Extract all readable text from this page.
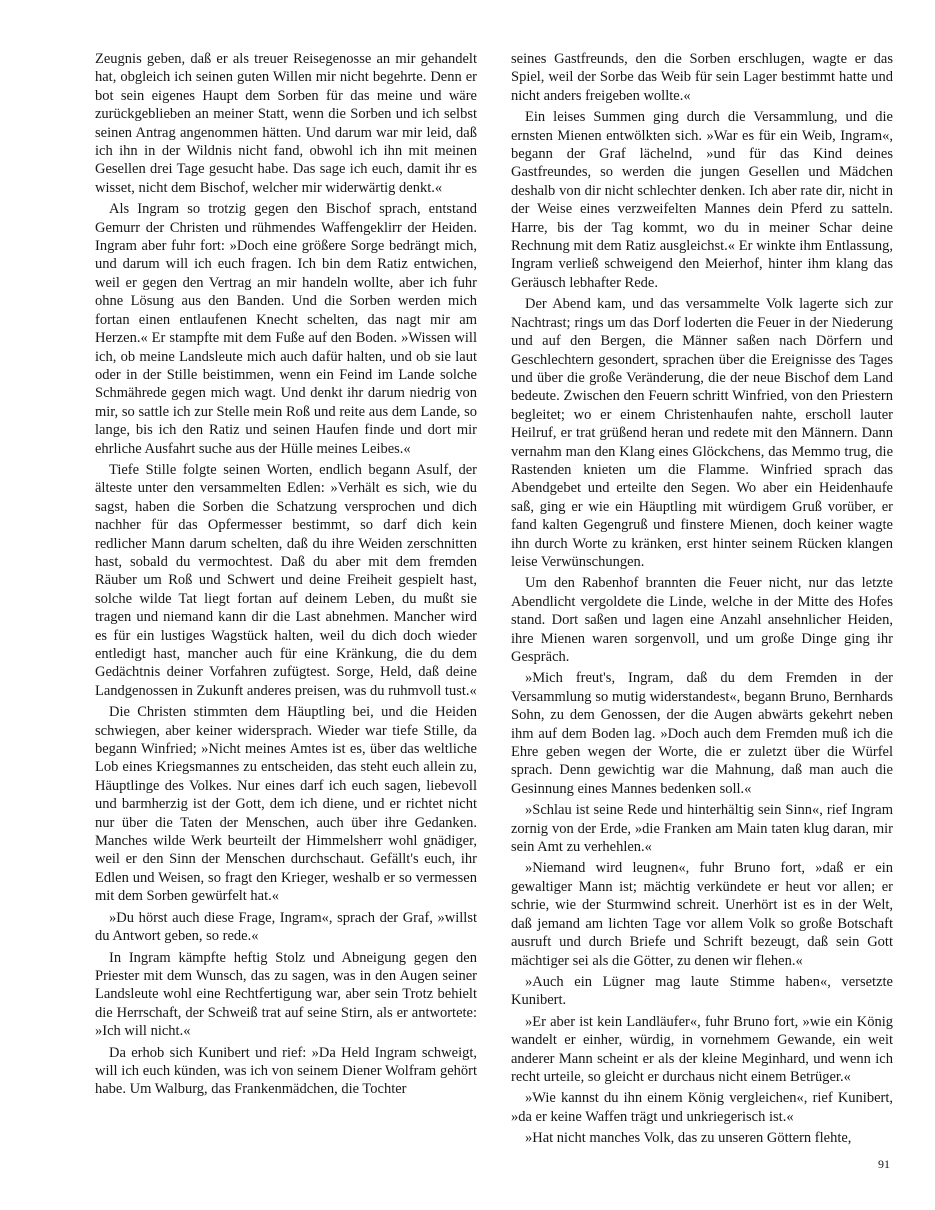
Zeugnis geben, daß er als treuer Reisegenosse an mir gehandelt hat, obgleich ich seinen guten Willen mir nicht begehrte. Denn er bot sein eigenes Haupt dem Sorben für das meine und wäre zurückgeblieben an meiner Statt, wenn die Sorben und ich selbst seinen Antrag angenommen hätten. Und darum war mir leid, daß ich ihn in der Wildnis nicht fand, obwohl ich ihn mit meinen Gesellen drei Tage gesucht habe. Das sage ich euch, damit ihr es wisset, nicht dem Bischof, welcher mir widerwärtig denkt.«

Als Ingram so trotzig gegen den Bischof sprach, entstand Gemurr der Christen und rühmendes Waffengeklirr der Heiden. Ingram aber fuhr fort: »Doch eine größere Sorge bedrängt mich, und darum will ich euch fragen. Ich bin dem Ratiz entwichen, weil er gegen den Vertrag an mir handeln wollte, aber ich fuhr ohne Lösung aus den Banden. Und die Sorben werden mich fortan einen entlaufenen Knecht schelten, das nagt mir am Herzen.« Er stampfte mit dem Fuße auf den Boden. »Wissen will ich, ob meine Landsleute mich auch dafür halten, und ob sie laut oder in der Stille beistimmen, wenn ein Feind im Lande solche Schmährede gegen mich wagt. Und denkt ihr darum niedrig von mir, so sattle ich zur Stelle mein Roß und reite aus dem Lande, so lange, bis ich den Ratiz und seinen Haufen finde und dort mir ehrliche Ausfahrt suche aus der Hülle meines Leibes.«

Tiefe Stille folgte seinen Worten, endlich begann Asulf, der älteste unter den versammelten Edlen: »Verhält es sich, wie du sagst, haben die Sorben die Schatzung versprochen und dich nachher für das Opfermesser bestimmt, so darf dich kein redlicher Mann darum schelten, daß du ihre Weiden zerschnitten hast, sobald du vermochtest. Daß du aber mit dem fremden Räuber um Roß und Schwert und deine Freiheit gespielt hast, solche wilde Tat liegt fortan auf deinem Leben, du mußt sie tragen und niemand kann dir die Last abnehmen. Mancher wird es für ein lustiges Wagstück halten, weil du dich doch wieder entledigt hast, mancher auch für eine Kränkung, die du dem Gedächtnis deiner Vorfahren zufügtest. Sorge, Held, daß deine Landgenossen in Zukunft anderes preisen, was du ruhmvoll tust.«

Die Christen stimmten dem Häuptling bei, und die Heiden schwiegen, aber keiner widersprach. Wieder war tiefe Stille, da begann Winfried; »Nicht meines Amtes ist es, über das weltliche Lob eines Kriegsmannes zu entscheiden, das steht euch allein zu, Häuptlinge des Volkes. Nur eines darf ich euch sagen, liebevoll und barmherzig ist der Gott, dem ich diene, und er richtet nicht nur über die Taten der Menschen, auch über ihre Gedanken. Manches wilde Werk beurteilt der Himmelsherr wohl gnädiger, weil er den Sinn der Menschen durchschaut. Gefällt's euch, ihr Edlen und Weisen, so fragt den Krieger, weshalb er so vermessen mit dem Sorben gewürfelt hat.«

»Du hörst auch diese Frage, Ingram«, sprach der Graf, »willst du Antwort geben, so rede.«

In Ingram kämpfte heftig Stolz und Abneigung gegen den Priester mit dem Wunsch, das zu sagen, was in den Augen seiner Landsleute wohl eine Rechtfertigung war, aber sein Trotz behielt die Herrschaft, der Schweiß trat auf seine Stirn, als er antwortete: »Ich will nicht.«

Da erhob sich Kunibert und rief: »Da Held Ingram schweigt, will ich euch künden, was ich von seinem Diener Wolfram gehört habe. Um Walburg, das Frankenmädchen, die Tochter

seines Gastfreunds, den die Sorben erschlugen, wagte er das Spiel, weil der Sorbe das Weib für sein Lager bestimmt hatte und nicht anders freigeben wollte.«

Ein leises Summen ging durch die Versammlung, und die ernsten Mienen entwölkten sich. »War es für ein Weib, Ingram«, begann der Graf lächelnd, »und für das Kind deines Gastfreundes, so werden die jungen Gesellen und Mädchen deshalb von dir nicht schlechter denken. Ich aber rate dir, nicht in der Weise eines verzweifelten Mannes dein Pferd zu satteln. Harre, bis der Tag kommt, wo du in meiner Schar deine Rechnung mit dem Ratiz ausgleichst.« Er winkte ihm Entlassung, Ingram verließ schweigend den Meierhof, hinter ihm klang das Geräusch lebhafter Rede.

Der Abend kam, und das versammelte Volk lagerte sich zur Nachtrast; rings um das Dorf loderten die Feuer in der Niederung und auf den Bergen, die Männer saßen nach Dörfern und Geschlechtern gesondert, sprachen über die Ereignisse des Tages und über die große Veränderung, die der neue Bischof dem Land bedeute. Zwischen den Feuern schritt Winfried, von den Priestern begleitet; wo er einem Christenhaufen nahte, erscholl lauter Heilruf, er trat grüßend heran und redete mit den Männern. Dann vernahm man den Klang eines Glöckchens, das Memmo trug, die Rastenden knieten um die Flamme. Winfried sprach das Abendgebet und erteilte den Segen. Wo aber ein Heidenhaufe saß, ging er wie ein Häuptling mit würdigem Gruß vorüber, er fand kalten Gegengruß und finstere Mienen, doch keiner wagte ihn durch Worte zu kränken, erst hinter seinem Rücken klangen leise Verwünschungen.

Um den Rabenhof brannten die Feuer nicht, nur das letzte Abendlicht vergoldete die Linde, welche in der Mitte des Hofes stand. Dort saßen und lagen eine Anzahl ansehnlicher Heiden, ihre Mienen waren sorgenvoll, und um große Dinge ging ihr Gespräch.

»Mich freut's, Ingram, daß du dem Fremden in der Versammlung so mutig widerstandest«, begann Bruno, Bernhards Sohn, zu dem Genossen, der die Augen abwärts gekehrt neben ihm auf dem Boden lag. »Doch auch dem Fremden muß ich die Ehre geben wegen der Worte, die er zuletzt über die Würfel sprach. Denn gewichtig war die Mahnung, daß man auch die Gesinnung eines Mannes bedenken soll.«

»Schlau ist seine Rede und hinterhältig sein Sinn«, rief Ingram zornig von der Erde, »die Franken am Main taten klug daran, mir sein Amt zu verhehlen.«

»Niemand wird leugnen«, fuhr Bruno fort, »daß er ein gewaltiger Mann ist; mächtig verkündete er heut vor allen; er schrie, wie der Sturmwind schreit. Unerhört ist es in der Welt, daß jemand am lichten Tage vor allem Volk so große Botschaft ausruft und durch Briefe und Schrift bezeugt, daß sein Gott mächtiger sei als die Götter, zu denen wir flehen.«

»Auch ein Lügner mag laute Stimme haben«, versetzte Kunibert.

»Er aber ist kein Landläufer«, fuhr Bruno fort, »wie ein König wandelt er einher, würdig, in vornehmem Gewande, ein weit anderer Mann scheint er als der kleine Meginhard, und wenn ich recht urteile, so gleicht er durchaus nicht einem Betrüger.«

»Wie kannst du ihn einem König vergleichen«, rief Kunibert, »da er keine Waffen trägt und unkriegerisch ist.«

»Hat nicht manches Volk, das zu unseren Göttern flehte,

91
